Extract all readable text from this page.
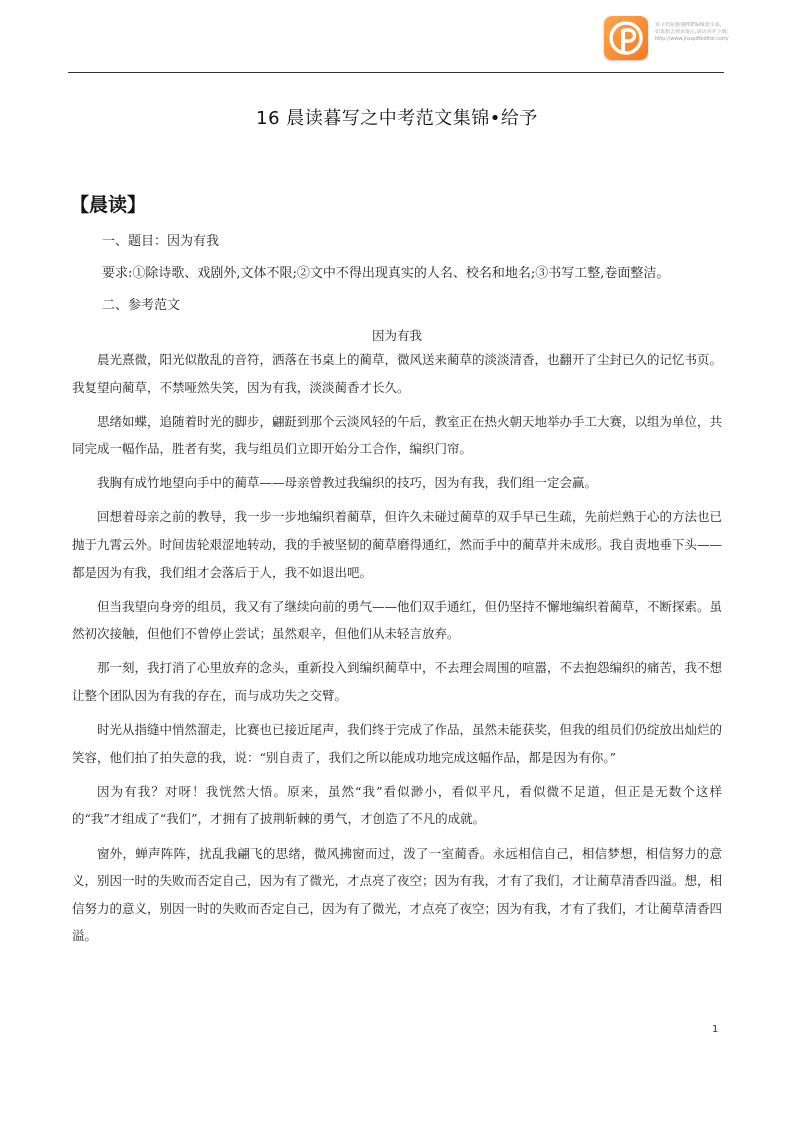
该文档是极速PDF编辑器生成,
如果想去掉该提示,请访问并下载:
http://www.jisupdfeditor.com/
16 晨读暮写之中考范文集锦•给予
【晨读】
一、题目：因为有我
要求:①除诗歌、戏剧外,文体不限;②文中不得出现真实的人名、校名和地名;③书写工整,卷面整洁。
二、参考范文
因为有我

晨光熹微，阳光似散乱的音符，洒落在书桌上的蔺草，微风送来蔺草的淡淡清香，也翻开了尘封已久的记忆书页。我复望向蔺草，不禁哑然失笑，因为有我，淡淡蔺香才长久。

思绪如蝶，追随着时光的脚步，翩跹到那个云淡风轻的午后，教室正在热火朝天地举办手工大赛，以组为单位，共同完成一幅作品，胜者有奖，我与组员们立即开始分工合作，编织门帘。

我胸有成竹地望向手中的蔺草——母亲曾教过我编织的技巧，因为有我，我们组一定会赢。

回想着母亲之前的教导，我一步一步地编织着蔺草，但许久未碰过蔺草的双手早已生疏，先前烂熟于心的方法也已抛于九霄云外。时间齿轮艰涩地转动，我的手被坚韧的蔺草磨得通红，然而手中的蔺草并未成形。我自责地垂下头——都是因为有我，我们组才会落后于人，我不如退出吧。

但当我望向身旁的组员，我又有了继续向前的勇气——他们双手通红，但仍坚持不懈地编织着蔺草，不断探索。虽然初次接触，但他们不曾停止尝试；虽然艰辛，但他们从未轻言放弃。

那一刻，我打消了心里放弃的念头，重新投入到编织蔺草中，不去理会周围的喧嚣，不去抱怨编织的痛苦，我不想让整个团队因为有我的存在，而与成功失之交臂。

时光从指缝中悄然溜走，比赛也已接近尾声，我们终于完成了作品，虽然未能获奖，但我的组员们仍绽放出灿烂的笑容，他们拍了拍失意的我，说：“别自责了，我们之所以能成功地完成这幅作品，都是因为有你。”

因为有我？对呀！我恍然大悟。原来，虽然“我”看似渺小，看似平凡，看似微不足道，但正是无数个这样的“我”才组成了“我们”，才拥有了披荆斩棘的勇气，才创造了不凡的成就。

窗外，蝉声阵阵，扰乱我翩飞的思绪，微风拂窗而过，泼了一室蔺香。永远相信自己，相信梦想，相信努力的意义，别因一时的失败而否定自己，因为有了微光，才点亮了夜空；因为有我，才有了我们，才让蔺草清香四溢。想，相信努力的意义，别因一时的失败而否定自己，因为有了微光，才点亮了夜空；因为有我，才有了我们，才让蔺草清香四溢。

1
